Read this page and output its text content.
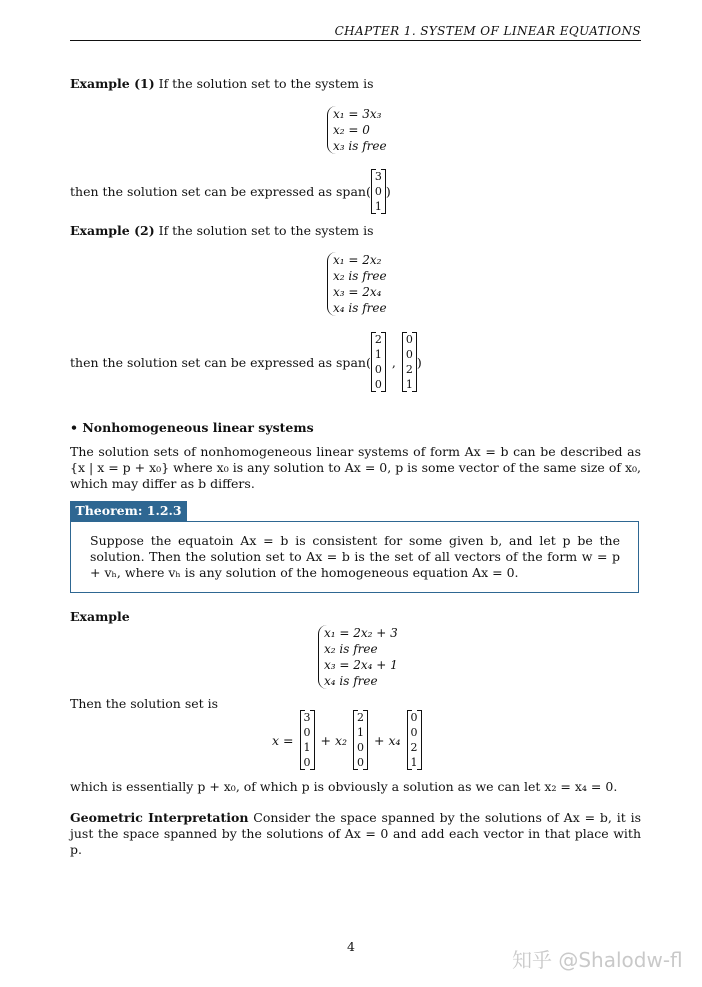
CHAPTER 1. SYSTEM OF LINEAR EQUATIONS
Example (1) If the solution set to the system is
x₁ = 3x₃
x₂ = 0
x₃ is free
then the solution set can be expressed as span(
3
0
1
)
Example (2) If the solution set to the system is
x₁ = 2x₂
x₂ is free
x₃ = 2x₄
x₄ is free
then the solution set can be expressed as span(
2
1
0
0
,
0
0
2
1
)
• Nonhomogeneous linear systems
The solution sets of nonhomogeneous linear systems of form Ax = b can be described as {x | x = p + x₀} where x₀ is any solution to Ax = 0, p is some vector of the same size of x₀, which may differ as b differs.
Theorem: 1.2.3
Suppose the equatoin Ax = b is consistent for some given b, and let p be the solution. Then the solution set to Ax = b is the set of all vectors of the form w = p + vₕ, where vₕ is any solution of the homogeneous equation Ax = 0.
Example
x₁ = 2x₂ + 3
x₂ is free
x₃ = 2x₄ + 1
x₄ is free
Then the solution set is
x =
3
0
1
0
+ x₂
2
1
0
0
+ x₄
0
0
2
1
which is essentially p + x₀, of which p is obviously a solution as we can let x₂ = x₄ = 0.
Geometric Interpretation Consider the space spanned by the solutions of Ax = b, it is just the space spanned by the solutions of Ax = 0 and add each vector in that place with p.
4
知乎 @Shalodw-fl
